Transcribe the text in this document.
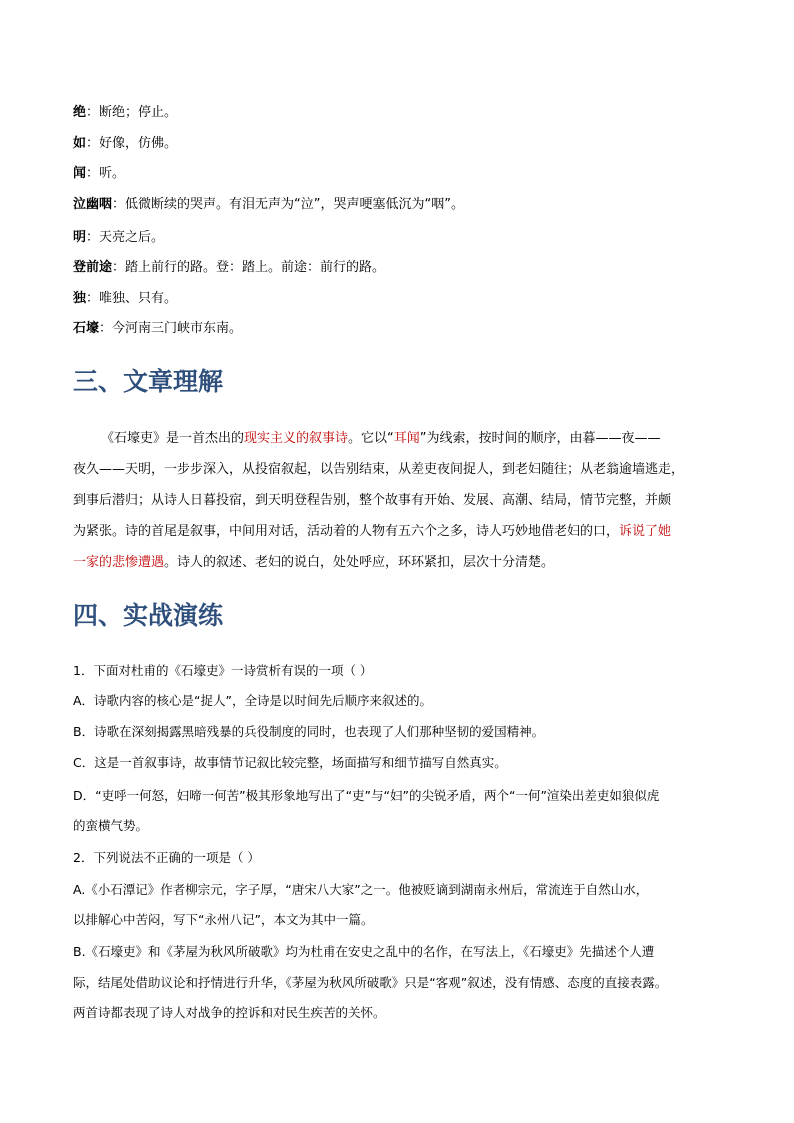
绝：断绝；停止。
如：好像，仿佛。
闻：听。
泣幽咽：低微断续的哭声。有泪无声为“泣”，哭声哽塞低沉为“咽”。
明：天亮之后。
登前途：踏上前行的路。登：踏上。前途：前行的路。
独：唯独、只有。
石壕：今河南三门峡市东南。
三、文章理解
《石壕吏》是一首杰出的现实主义的叙事诗。它以“耳闻”为线索，按时间的顺序，由暮——夜——
夜久——天明，一步步深入，从投宿叙起，以告别结束，从差吏夜间捉人，到老妇随往；从老翁逾墙逃走，
到事后潜归；从诗人日暮投宿，到天明登程告别，整个故事有开始、发展、高潮、结局，情节完整，并颇
为紧张。诗的首尾是叙事，中间用对话，活动着的人物有五六个之多，诗人巧妙地借老妇的口，诉说了她
一家的悲惨遭遇。诗人的叙述、老妇的说白，处处呼应，环环紧扣，层次十分清楚。
四、实战演练
1．下面对杜甫的《石壕吏》一诗赏析有误的一项（ ）
A．诗歌内容的核心是“捉人”，全诗是以时间先后顺序来叙述的。
B．诗歌在深刻揭露黑暗残暴的兵役制度的同时，也表现了人们那种坚韧的爱国精神。
C．这是一首叙事诗，故事情节记叙比较完整，场面描写和细节描写自然真实。
D．“吏呼一何怒，妇啼一何苦”极其形象地写出了“吏”与“妇”的尖锐矛盾，两个“一何”渲染出差吏如狼似虎
的蛮横气势。
2．下列说法不正确的一项是（ ）
A.《小石潭记》作者柳宗元，字子厚，“唐宋八大家”之一。他被贬谪到湖南永州后，常流连于自然山水，
以排解心中苦闷，写下“永州八记”，本文为其中一篇。
B.《石壕吏》和《茅屋为秋风所破歌》均为杜甫在安史之乱中的名作，在写法上，《石壕吏》先描述个人遭
际，结尾处借助议论和抒情进行升华，《茅屋为秋风所破歌》只是“客观”叙述，没有情感、态度的直接表露。
两首诗都表现了诗人对战争的控诉和对民生疾苦的关怀。
